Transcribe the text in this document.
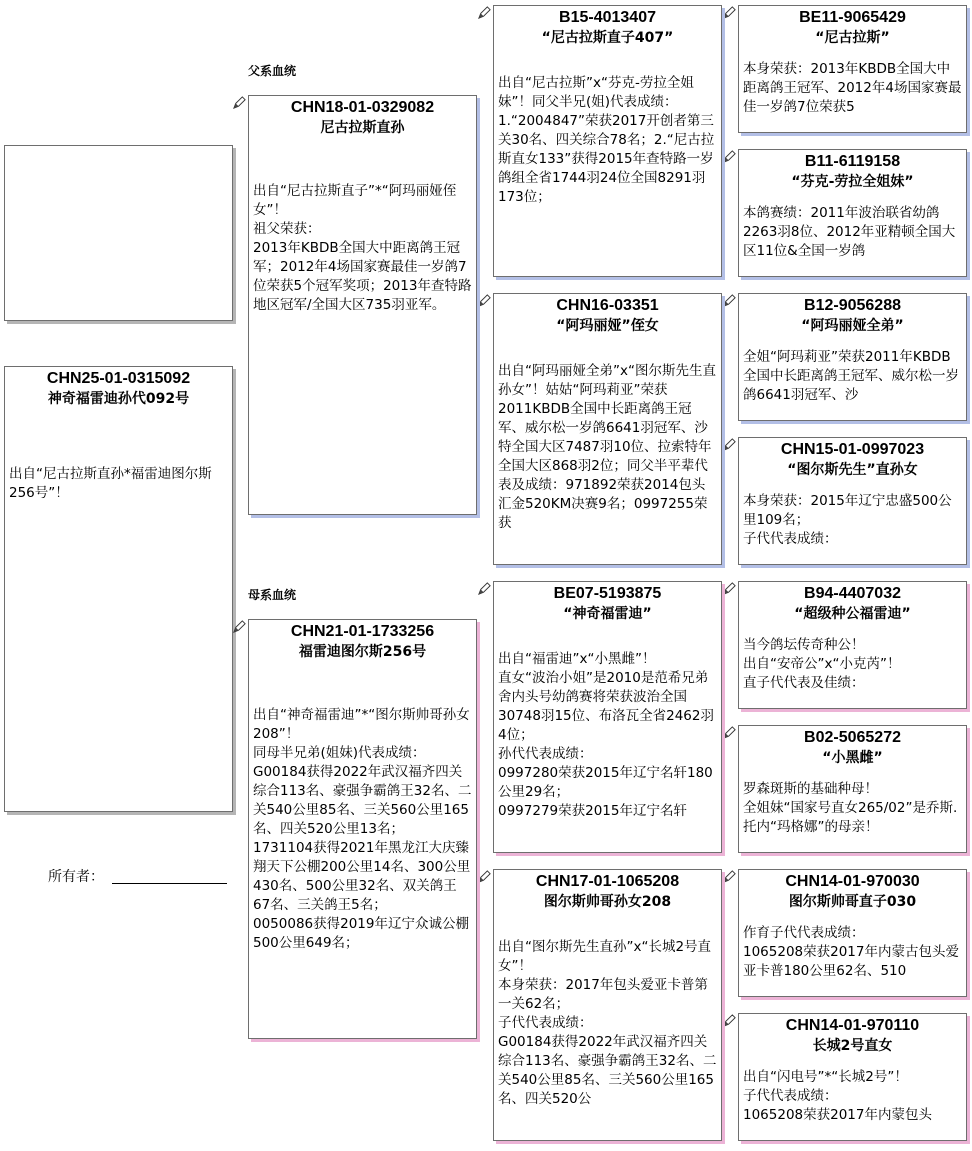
CHN25-01-0315092
神奇福雷迪孙代092号
出自“尼古拉斯直孙*福雷迪图尔斯256号”！
所有者：
父系血统
母系血统
CHN18-01-0329082
尼古拉斯直孙
出自“尼古拉斯直子”*“阿玛丽娅侄女”！
祖父荣获：
2013年KBDB全国大中距离鸽王冠军；2012年4场国家赛最佳一岁鸽7位荣获5个冠军奖项；2013年查特路地区冠军/全国大区735羽亚军。
CHN21-01-1733256
福雷迪图尔斯256号
出自“神奇福雷迪”*“图尔斯帅哥孙女208”！
同母半兄弟(姐妹)代表成绩：
G00184获得2022年武汉福齐四关综合113名、豪强争霸鸽王32名、二关540公里85名、三关560公里165名、四关520公里13名；
1731104获得2021年黑龙江大庆臻翔天下公棚200公里14名、300公里430名、500公里32名、双关鸽王67名、三关鸽王5名；
0050086获得2019年辽宁众诚公棚500公里649名；
B15-4013407
“尼古拉斯直子407”
出自“尼古拉斯”x“芬克-劳拉全姐妹”！同父半兄(姐)代表成绩：1.“2004847”荣获2017开创者第三关30名、四关综合78名；2.“尼古拉斯直女133”获得2015年查特路一岁鸽组全省1744羽24位全国8291羽173位；
CHN16-03351
“阿玛丽娅”侄女
出自“阿玛丽娅全弟”x“图尔斯先生直孙女”！姑姑“阿玛莉亚”荣获2011KBDB全国中长距离鸽王冠军、威尔松一岁鸽6641羽冠军、沙特全国大区7487羽10位、拉索特年全国大区868羽2位；同父半平辈代表及成绩：971892荣获2014包头汇金520KM决赛9名；0997255荣获
BE07-5193875
“神奇福雷迪”
出自“福雷迪”x“小黑雌”！
直女“波治小姐”是2010是范希兄弟舍内头号幼鸽赛将荣获波治全国30748羽15位、布洛瓦全省2462羽4位；
孙代代表成绩：
0997280荣获2015年辽宁名轩180公里29名；
0997279荣获2015年辽宁名轩
CHN17-01-1065208
图尔斯帅哥孙女208
出自“图尔斯先生直孙”x“长城2号直女”！
本身荣获：2017年包头爱亚卡普第一关62名；
子代代表成绩：
G00184获得2022年武汉福齐四关综合113名、豪强争霸鸽王32名、二关540公里85名、三关560公里165名、四关520公
BE11-9065429
“尼古拉斯”
本身荣获：2013年KBDB全国大中距离鸽王冠军、2012年4场国家赛最佳一岁鸽7位荣获5
B11-6119158
“芬克-劳拉全姐妹”
本鸽赛绩：2011年波治联省幼鸽2263羽8位、2012年亚精顿全国大区11位&全国一岁鸽
B12-9056288
“阿玛丽娅全弟”
全姐“阿玛莉亚”荣获2011年KBDB全国中长距离鸽王冠军、威尔松一岁鸽6641羽冠军、沙
CHN15-01-0997023
“图尔斯先生”直孙女
本身荣获：2015年辽宁忠盛500公里109名；
子代代表成绩：
B94-4407032
“超级种公福雷迪”
当今鸽坛传奇种公！
出自“安帝公”x“小克芮”！
直子代代表及佳绩：
B02-5065272
“小黑雌”
罗森斑斯的基础种母！
全姐妹“国家号直女265/02”是乔斯.托内“玛格娜”的母亲！
CHN14-01-970030
图尔斯帅哥直子030
作育子代代表成绩：
1065208荣获2017年内蒙古包头爱亚卡普180公里62名、510
CHN14-01-970110
长城2号直女
出自“闪电号”*“长城2号”！
子代代表成绩：
1065208荣获2017年内蒙包头
